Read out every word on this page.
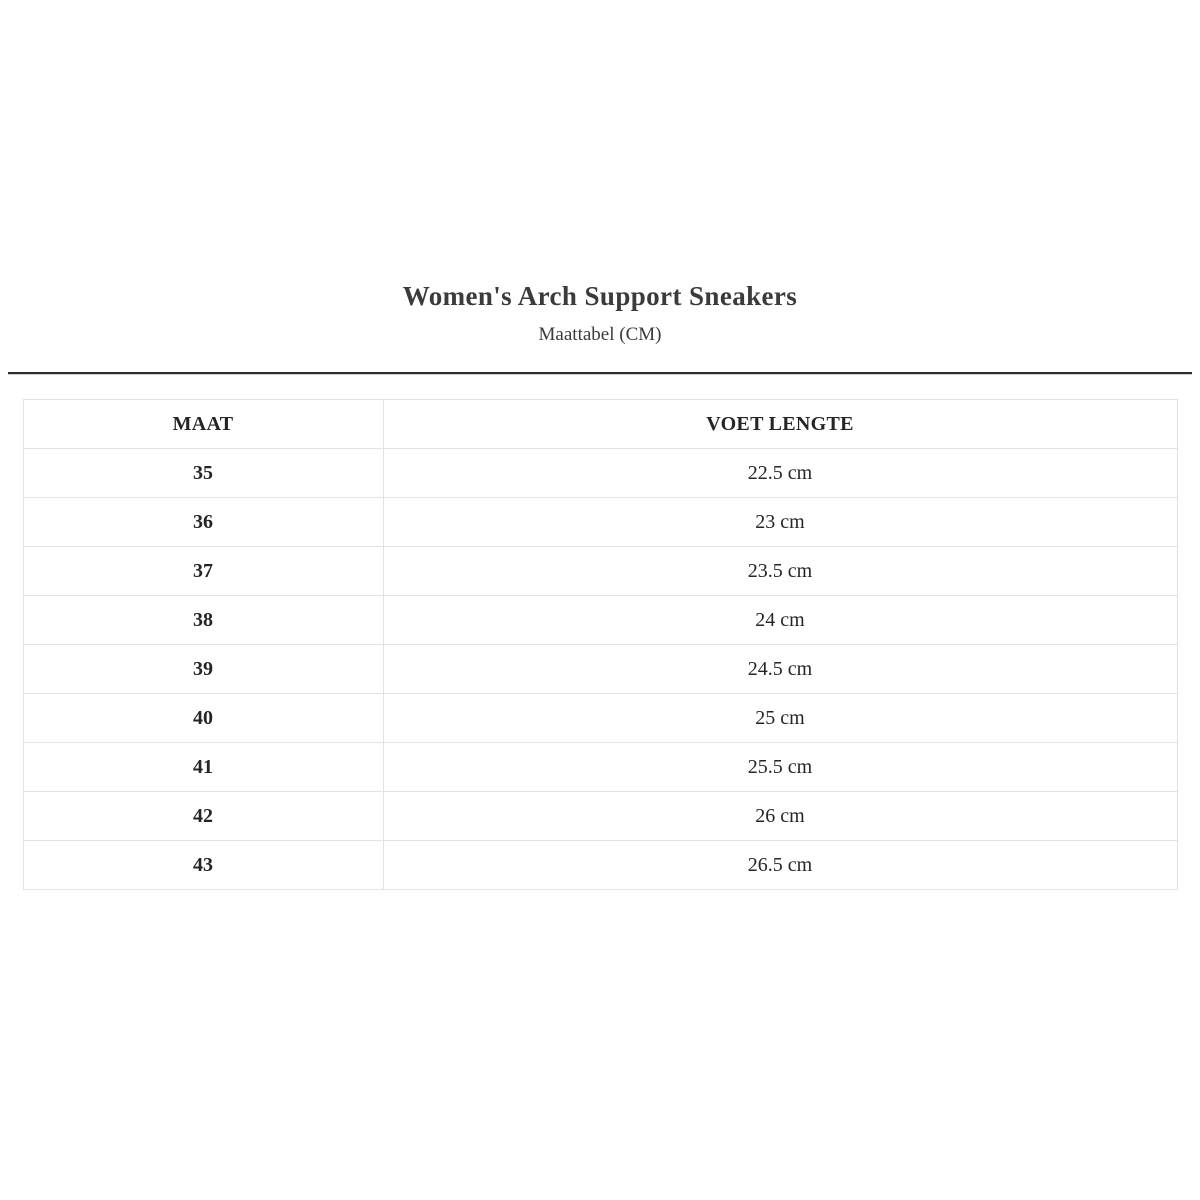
Women's Arch Support Sneakers

Maattabel (CM)

MAAT	VOET LENGTE
35	22.5 cm
36	23 cm
37	23.5 cm
38	24 cm
39	24.5 cm
40	25 cm
41	25.5 cm
42	26 cm
43	26.5 cm
